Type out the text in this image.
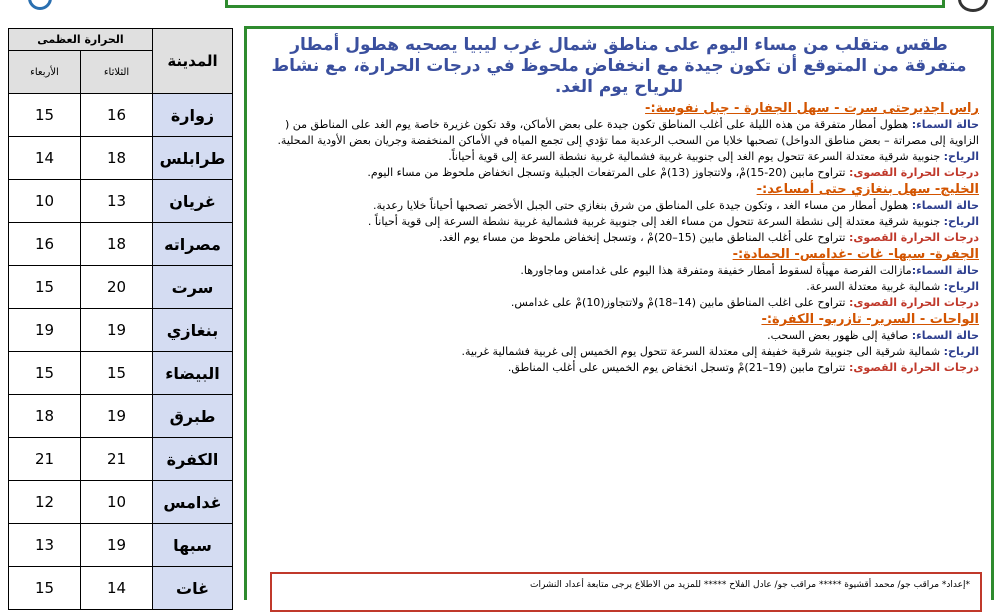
الحرارة العظمى		المدينة
الأربعاء	الثلاثاء	
15	16	زوارة
14	18	طرابلس
10	13	غريان
16	18	مصراته
15	20	سرت
19	19	بنغازي
15	15	البيضاء
18	19	طبرق
21	21	الكفرة
12	10	غدامس
13	19	سبها
15	14	غات
طقس متقلب من مساء اليوم على مناطق شمال غرب ليبيا يصحبه هطول أمطار متفرقة من المتوقع أن تكون جيدة مع انخفاض ملحوظ في درجات الحرارة، مع نشاط للرياح يوم الغد.
راس اجديرحتى سرت - سهل الجفارة - جبل نفوسة:-
حالة السماء: هطول أمطار متفرقة من هذه الليلة على أغلب المناطق تكون جيدة على بعض الأماكن، وقد تكون غزيرة خاصة يوم الغد على المناطق من ( الزاوية إلى مصراتة – بعض مناطق الدواخل) تصحبها خلايا من السحب الرعدية مما تؤدي إلى تجمع المياه في الأماكن المنخفضة وجريان بعض الأودية المحلية.
الرياح: جنوبية شرقية معتدلة السرعة تتحول يوم الغد إلى جنوبية غربية فشمالية غربية نشطة السرعة إلى قوية أحياناً.
درجات الحرارة القصوى: تتراوح مابين (20-15)مْ، ولاتتجاوز (13)مْ على المرتفعات الجبلية وتسجل انخفاض ملحوظ من مساء اليوم.
الخليج- سهل بنغازي حتى أمساعد:-
حالة السماء: هطول أمطار من مساء الغد ، وتكون جيدة على المناطق من شرق بنغازي حتى الجبل الأخضر تصحبها أحياناً خلايا رعدية.
الرياح: جنوبية شرقية معتدلة إلى نشطة السرعة تتحول من مساء الغد إلى جنوبية غربية فشمالية غربية نشطة السرعة إلى قوية أحياناً .
درجات الحرارة القصوى: تتراوح على أغلب المناطق مابين (15–20)مْ ، وتسجل إنخفاض ملحوظ من مساء يوم الغد.
الجفرة- سبها- غات -غدامس- الحمادة:-
حالة السماء:مازالت الفرصة مهيأة لسقوط أمطار خفيفة ومتفرقة هذا اليوم على غدامس وماجاورها.
الرياح: شمالية غربية معتدلة السرعة.
درجات الحرارة القصوى: تتراوح على اغلب المناطق مابين (14–18)مْ ولاتتجاوز(10)مْ على غدامس.
الواحات - السرير- تازربو- الكفرة:-
حالة السماء: صافية إلى ظهور بعض السحب.
الرياح: شمالية شرقية الى جنوبية شرقية خفيفة إلى معتدلة السرعة تتحول يوم الخميس إلى غربية فشمالية غربية.
درجات الحرارة القصوى: تتراوح مابين (19–21)مْ وتسجل انخفاض يوم الخميس على أغلب المناطق.
*إعداد* مراقب جو/ محمد أقشيوة ***** مراقب جو/ عادل الفلاح ***** للمزيد من الاطلاع يرجى متابعة أعداد النشرات
